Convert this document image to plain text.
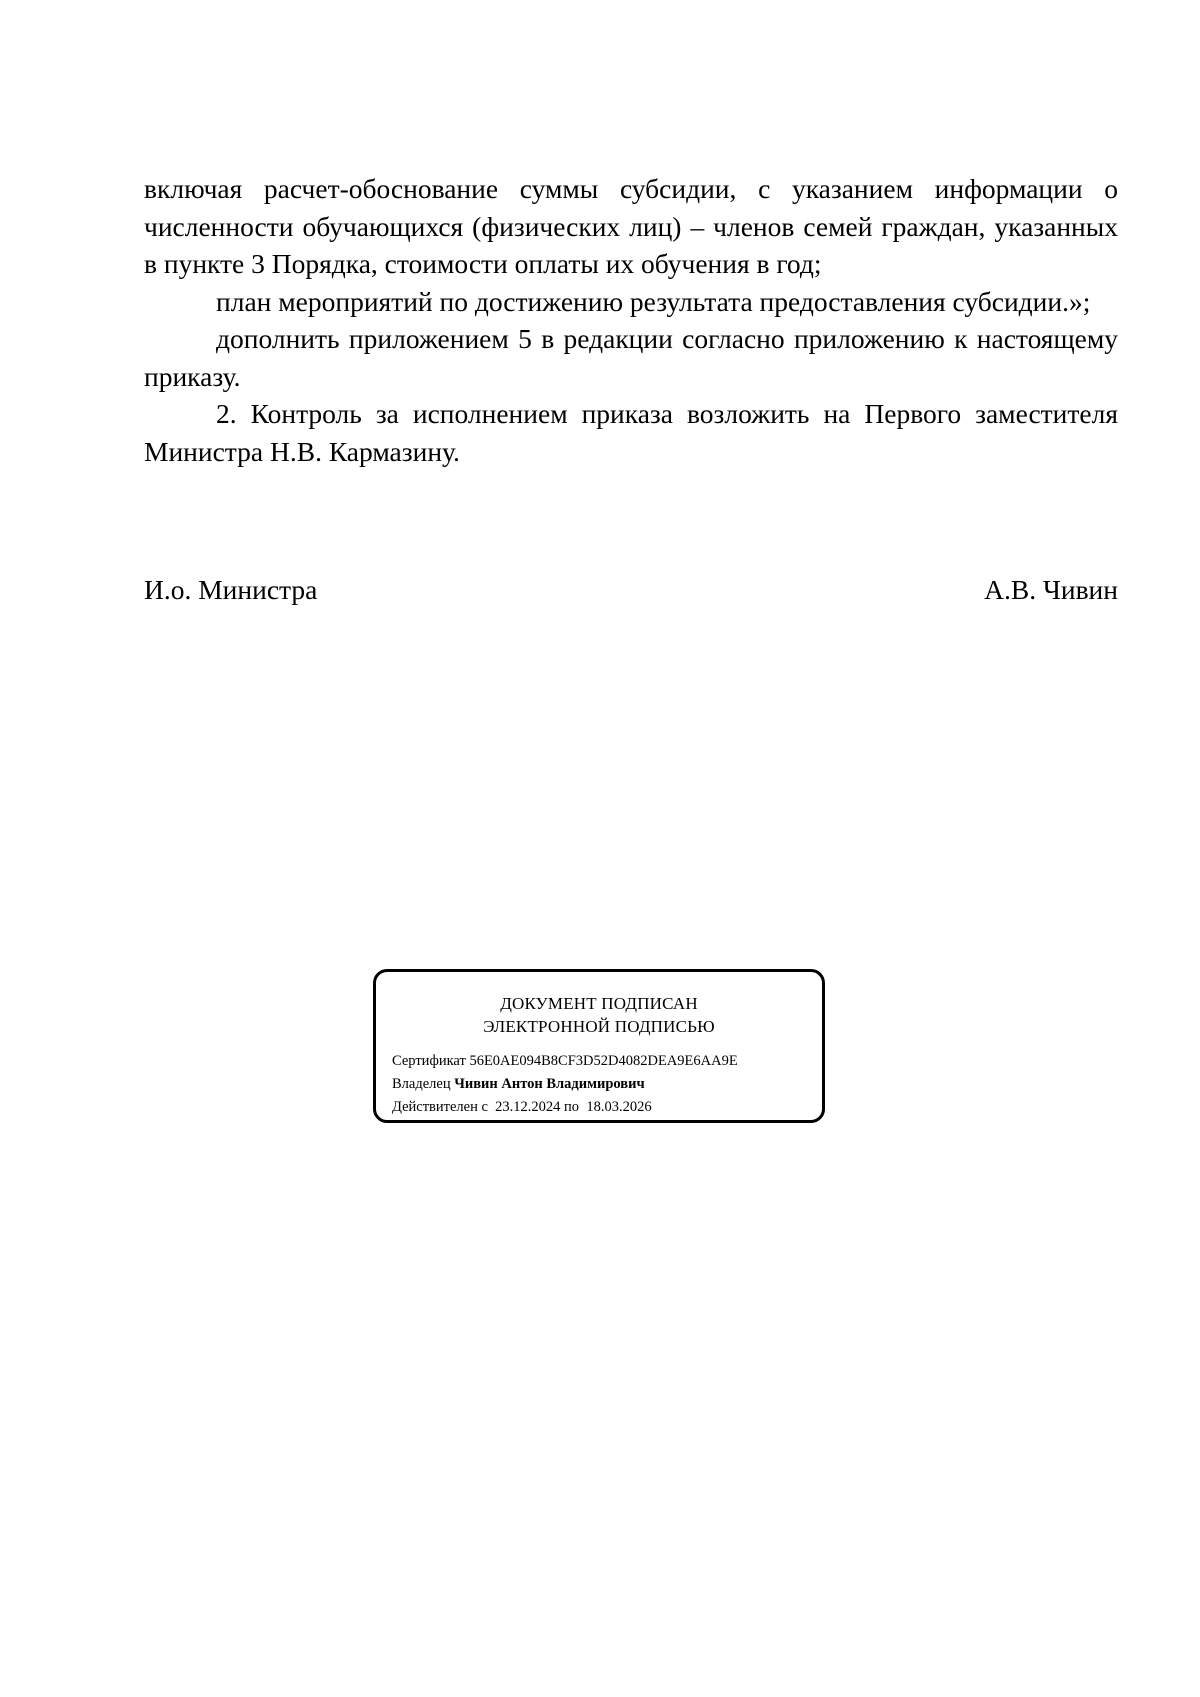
включая расчет-обоснование суммы субсидии, с указанием информации о численности обучающихся (физических лиц) – членов семей граждан, указанных в пункте 3 Порядка, стоимости оплаты их обучения в год;

план мероприятий по достижению результата предоставления субсидии.»;

дополнить приложением 5 в редакции согласно приложению к настоящему приказу.

2. Контроль за исполнением приказа возложить на Первого заместителя Министра Н.В. Кармазину.

И.о. Министра	А.В. Чивин
ДОКУМЕНТ ПОДПИСАН
ЭЛЕКТРОННОЙ ПОДПИСЬЮ
Сертификат 56E0AE094B8CF3D52D4082DEA9E6AA9E
Владелец Чивин Антон Владимирович
Действителен с 23.12.2024 по 18.03.2026
